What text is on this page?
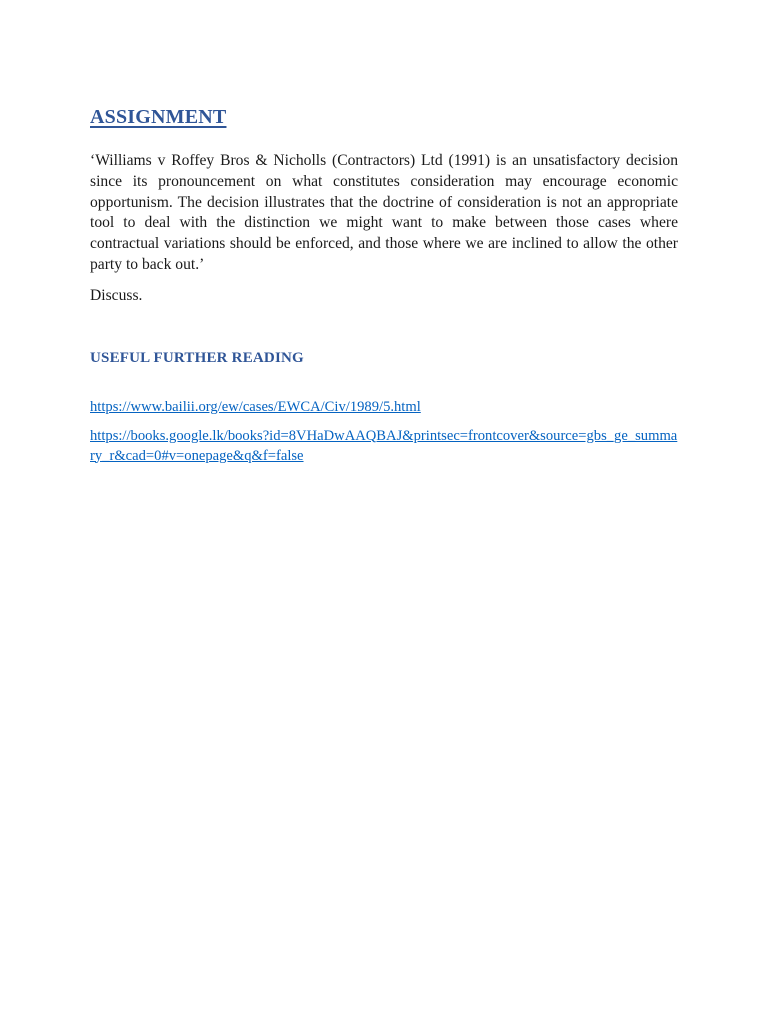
ASSIGNMENT

‘Williams v Roffey Bros & Nicholls (Contractors) Ltd (1991) is an unsatisfactory decision since its pronouncement on what constitutes consideration may encourage economic opportunism. The decision illustrates that the doctrine of consideration is not an appropriate tool to deal with the distinction we might want to make between those cases where contractual variations should be enforced, and those where we are inclined to allow the other party to back out.’

Discuss.

USEFUL FURTHER READING
https://www.bailii.org/ew/cases/EWCA/Civ/1989/5.html
https://books.google.lk/books?id=8VHaDwAAQBAJ&printsec=frontcover&source=gbs_ge_summary_r&cad=0#v=onepage&q&f=false
